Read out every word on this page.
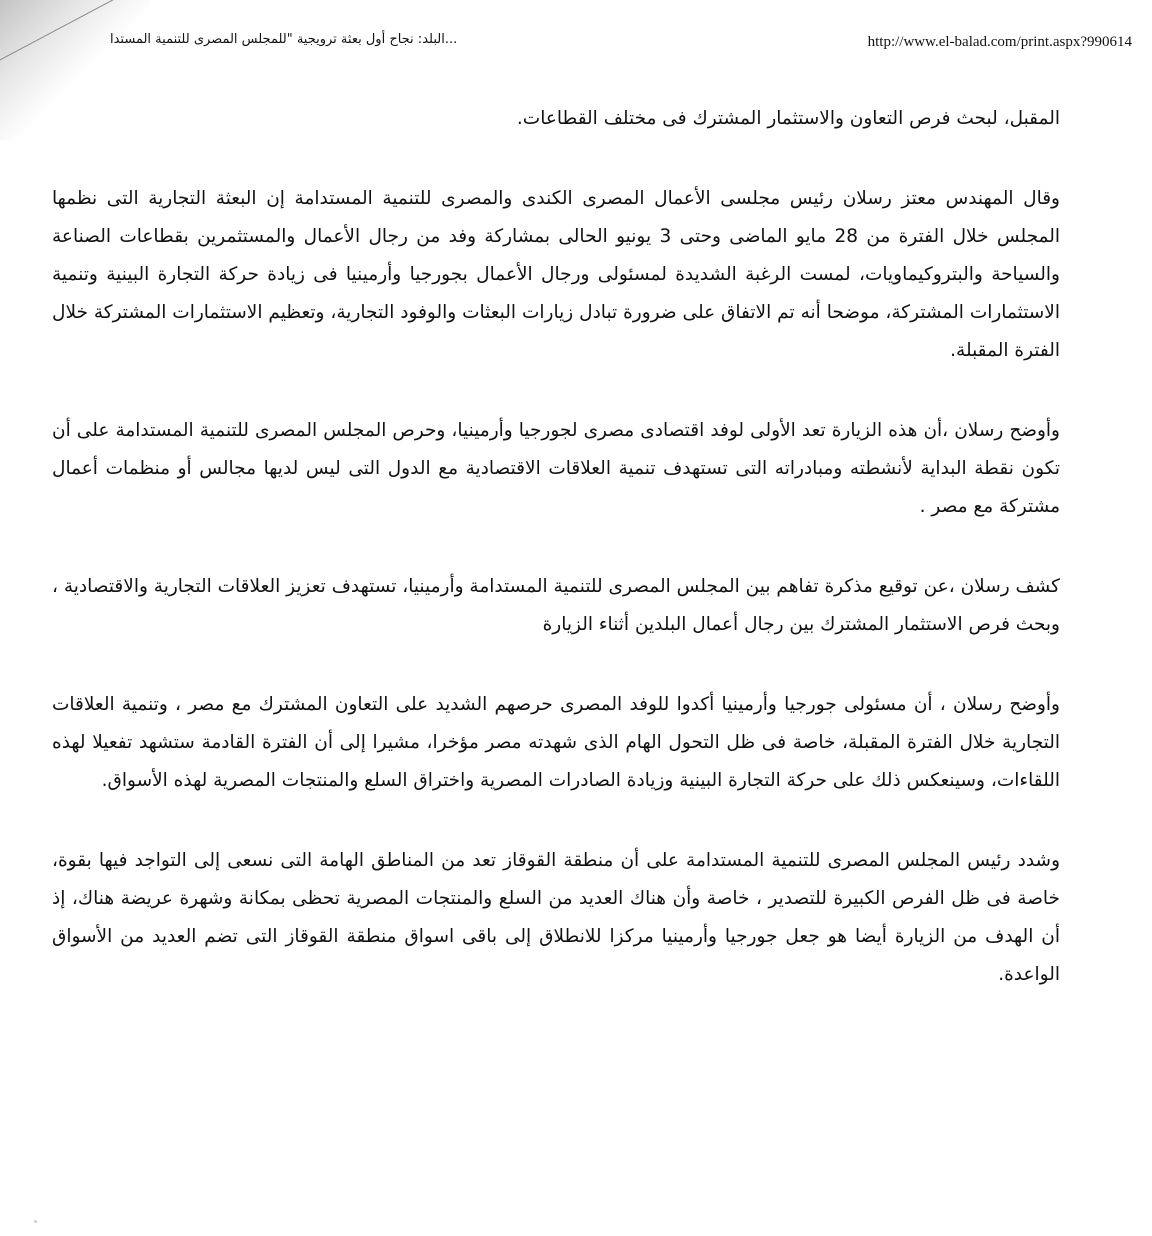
...البلد: نجاح أول بعثة ترويجية "للمجلس المصرى للتنمية المستدا	http://www.el-balad.com/print.aspx?990614

المقبل، لبحث فرص التعاون والاستثمار المشترك فى مختلف القطاعات.

وقال المهندس معتز رسلان رئيس مجلسى الأعمال المصرى الكندى والمصرى للتنمية المستدامة إن البعثة التجارية التى نظمها المجلس خلال الفترة من 28 مايو الماضى وحتى 3 يونيو الحالى بمشاركة وفد من رجال الأعمال والمستثمرين بقطاعات الصناعة والسياحة والبتروكيماويات، لمست الرغبة الشديدة لمسئولى ورجال الأعمال بجورجيا وأرمينيا فى زيادة حركة التجارة البينية وتنمية الاستثمارات المشتركة، موضحا أنه تم الاتفاق على ضرورة تبادل زيارات البعثات والوفود التجارية، وتعظيم الاستثمارات المشتركة خلال الفترة المقبلة.

وأوضح رسلان ،أن هذه الزيارة تعد الأولى لوفد اقتصادى مصرى لجورجيا وأرمينيا، وحرص المجلس المصرى للتنمية المستدامة على أن تكون نقطة البداية لأنشطته ومبادراته التى تستهدف تنمية العلاقات الاقتصادية مع الدول التى ليس لديها مجالس أو منظمات أعمال مشتركة مع مصر .

كشف رسلان ،عن توقيع مذكرة تفاهم بين المجلس المصرى للتنمية المستدامة وأرمينيا، تستهدف تعزيز العلاقات التجارية والاقتصادية ، وبحث فرص الاستثمار المشترك بين رجال أعمال البلدين أثناء الزيارة

وأوضح رسلان ، أن مسئولى جورجيا وأرمينيا أكدوا للوفد المصرى حرصهم الشديد على التعاون المشترك مع مصر ، وتنمية العلاقات التجارية خلال الفترة المقبلة، خاصة فى ظل التحول الهام الذى شهدته مصر مؤخرا، مشيرا إلى أن الفترة القادمة ستشهد تفعيلا لهذه اللقاءات، وسينعكس ذلك على حركة التجارة البينية وزيادة الصادرات المصرية واختراق السلع والمنتجات المصرية لهذه الأسواق.

وشدد رئيس المجلس المصرى للتنمية المستدامة على أن منطقة القوقاز تعد من المناطق الهامة التى نسعى إلى التواجد فيها بقوة، خاصة فى ظل الفرص الكبيرة للتصدير ، خاصة وأن هناك العديد من السلع والمنتجات المصرية تحظى بمكانة وشهرة عريضة هناك، إذ أن الهدف من الزيارة أيضا هو جعل جورجيا وأرمينيا مركزا للانطلاق إلى باقى اسواق منطقة القوقاز التى تضم العديد من الأسواق الواعدة.
